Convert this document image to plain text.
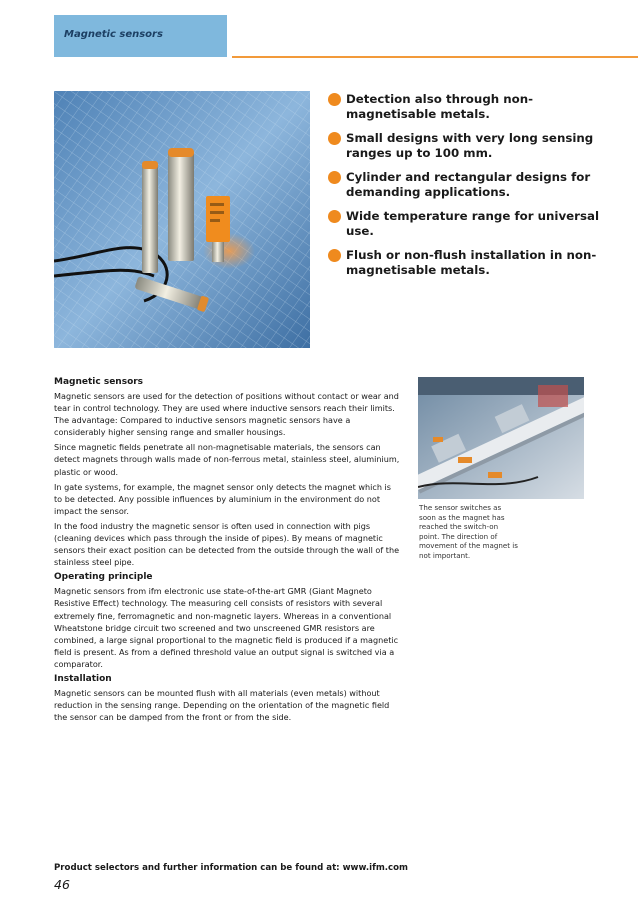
Magnetic sensors
Detection also through non-magnetisable metals.
Small designs with very long sensing ranges up to 100 mm.
Cylinder and rectangular designs for demanding applications.
Wide temperature range for universal use.
Flush or non-flush installation in non-magnetisable metals.
Magnetic sensors

Magnetic sensors are used for the detection of positions without contact or wear and tear in control technology. They are used where inductive sensors reach their limits. The advantage: Compared to inductive sensors magnetic sensors have a considerably higher sensing range and smaller housings.

Since magnetic fields penetrate all non-magnetisable materials, the sensors can detect magnets through walls made of non-ferrous metal, stainless steel, aluminium, plastic or wood.

In gate systems, for example, the magnet sensor only detects the magnet which is to be detected. Any possible influences by aluminium in the environment do not impact the sensor.

In the food industry the magnetic sensor is often used in connection with pigs (cleaning devices which pass through the inside of pipes). By means of magnetic sensors their exact position can be detected from the outside through the wall of the stainless steel pipe.

Operating principle

Magnetic sensors from ifm electronic use state-of-the-art GMR (Giant Magneto Resistive Effect) technology. The measuring cell consists of resistors with several extremely fine, ferromagnetic and non-magnetic layers. Whereas in a conventional Wheatstone bridge circuit two screened and two unscreened GMR resistors are combined, a large signal proportional to the magnetic field is produced if a magnetic field is present. As from a defined threshold value an output signal is switched via a comparator.

Installation

Magnetic sensors can be mounted flush with all materials (even metals) without reduction in the sensing range. Depending on the orientation of the magnetic field the sensor can be damped from the front or from the side.

The sensor switches as soon as the magnet has reached the switch-on point. The direction of movement of the magnet is not important.

Product selectors and further information can be found at: www.ifm.com

46
